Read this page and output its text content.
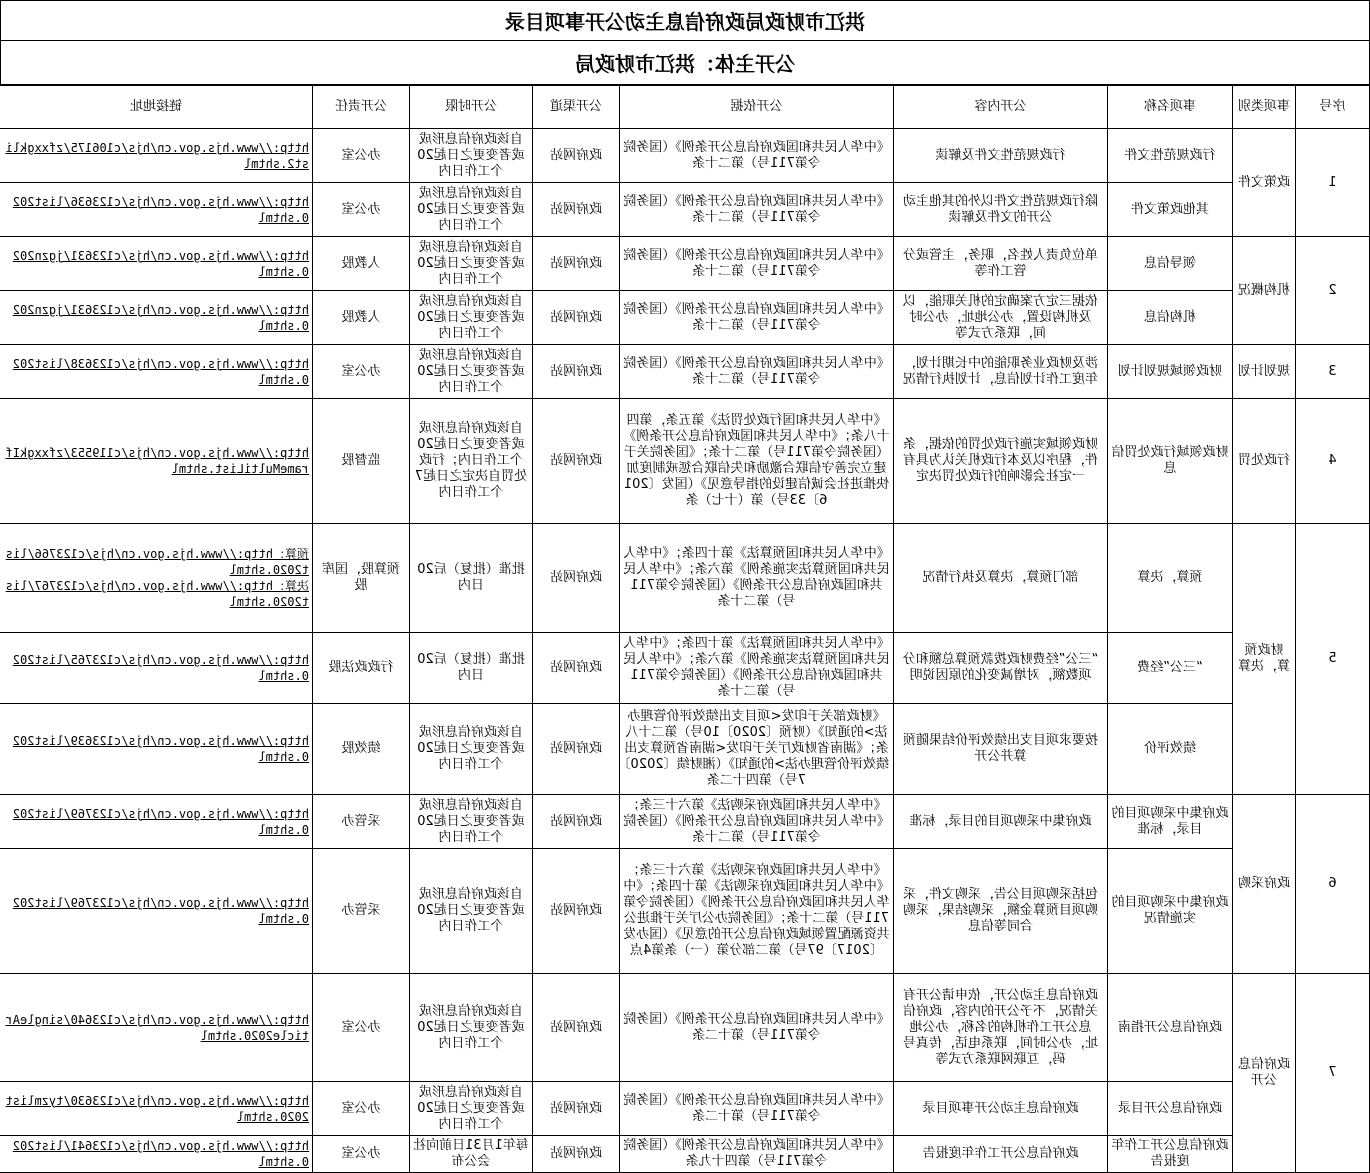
洪江市财政局政府信息主动公开事项目录
公开主体：洪江市财政局
序号	事项类别	事项名称	公开内容	公开依据	公开渠道	公开时限	公开责任	链接地址
1	政策文件	行政规范性文件	行政规范性文件及解读	《中华人民共和国政府信息公开条例》（国务院令第711号）第二十条	政府网站	自该政府信息形成或者变更之日起20个工作日内	办公室	http://www.hjs.gov.cn/hjs/c106175/zfxxgklist2.shtml
		其他政策文件	除行政规范性文件以外的其他主动公开的文件及解读	《中华人民共和国政府信息公开条例》（国务院令第711号）第二十条	政府网站	自该政府信息形成或者变更之日起20个工作日内	办公室	http://www.hjs.gov.cn/hjs/c123636/list2020.shtml
2	机构概况	领导信息	单位负责人姓名，职务，主管或分管工作等	《中华人民共和国政府信息公开条例》（国务院令第711号）第二十条	政府网站	自该政府信息形成或者变更之日起20个工作日内	人教股	http://www.hjs.gov.cn/hjs/c123631/jgzn2020.shtml
		机构信息	依据三定方案确定的机关职能，以及机构设置，办公地址，办公时间，联系方式等	《中华人民共和国政府信息公开条例》（国务院令第711号）第二十条	政府网站	自该政府信息形成或者变更之日起20个工作日内	人教股	http://www.hjs.gov.cn/hjs/c123631/jgzn2020.shtml
3	规划计划	财政领域规划计划	涉及财政业务职能的中长期计划，年度工作计划信息，计划执行情况	《中华人民共和国政府信息公开条例》（国务院令第711号）第二十条	政府网站	自该政府信息形成或者变更之日起20个工作日内	办公室	http://www.hjs.gov.cn/hjs/c123638/list2020.shtml
4	行政处罚	财政领域行政处罚信息	财政领域实施行政处罚的依据，条件，程序以及本行政机关认为具有一定社会影响的行政处罚决定	《中华人民共和国行政处罚法》第五条，第四十八条；《中华人民共和国政府信息公开条例》（国务院令第711号）第二十条；《国务院关于建立完善守信联合激励和失信联合惩戒制度加快推进社会诚信建设的指导意见》（国发〔2016〕33号）第（十七）条	政府网站	自该政府信息形成或者变更之日起20个工作日内；行政处罚自决定之日起7个工作日内	监督股	http://www.hjs.gov.cn/hjs/c119553/zfxxgkIframeMultiList.shtml
5	财政预算，决算	预算，决算	部门预算，决算及执行情况	《中华人民共和国预算法》第十四条；《中华人民共和国预算法实施条例》第六条；《中华人民共和国政府信息公开条例》（国务院令第711号）第二十条	政府网站	批准（批复）后20日内	预算股，国库股	预算：http://www.hjs.gov.cn/hjs/c123766/list2020.shtml
决算：http://www.hjs.gov.cn/hjs/c123767/list2020.shtml
		“三公”经费	“三公”经费财政拨款预算总额和分项数额，对增减变化的原因说明	《中华人民共和国预算法》第十四条；《中华人民共和国预算法实施条例》第六条；《中华人民共和国政府信息公开条例》（国务院令第711号）第二十条	政府网站	批准（批复）后20日内	行政政法股	http://www.hjs.gov.cn/hjs/c123765/list2020.shtml
		绩效评价	按要求项目支出绩效评价结果随预算并公开	《财政部关于印发<项目支出绩效评价管理办法>的通知》（财预〔2020〕10号）第二十八条；《湖南省财政厅关于印发<湖南省预算支出绩效评价管理办法>的通知》（湘财绩〔2020〕7号）第四十二条	政府网站	自该政府信息形成或者变更之日起20个工作日内	绩效股	http://www.hjs.gov.cn/hjs/c123639/list2020.shtml
6	政府采购	政府集中采购项目的目录，标准	政府集中采购项目的目录，标准	《中华人民共和国政府采购法》第六十三条；《中华人民共和国政府信息公开条例》（国务院令第711号）第二十条	政府网站	自该政府信息形成或者变更之日起20个工作日内	采管办	http://www.hjs.gov.cn/hjs/c123769/list2020.shtml
		政府集中采购项目的实施情况	包括采购项目公告，采购文件，采购项目预算金额，采购结果，采购合同等信息	《中华人民共和国政府采购法》第六十三条；《中华人民共和国政府采购法》第十四条；《中华人民共和国政府信息公开条例》（国务院令第711号）第二十条；《国务院办公厅关于推进公共资源配置领域政府信息公开的意见》（国办发〔2017〕97号）第二部分第（一）条第4点	政府网站	自该政府信息形成或者变更之日起20个工作日内	采管办	http://www.hjs.gov.cn/hjs/c123769/list2020.shtml
7	政府信息公开	政府信息公开指南	政府信息主动公开，依申请公开有关情况，不予公开的内容，政府信息公开工作机构的名称，办公地址，办公时间，联系电话，传真号码，互联网联系方式等	《中华人民共和国政府信息公开条例》（国务院令第711号）第十二条	政府网站	自该政府信息形成或者变更之日起20个工作日内	办公室	http://www.hjs.gov.cn/hjs/c123640/singleArticle2020.shtml
		政府信息公开目录	政府信息主动公开事项目录	《中华人民共和国政府信息公开条例》（国务院令第711号）第十二条	政府网站	自该政府信息形成或者变更之日起20个工作日内	办公室	http://www.hjs.gov.cn/hjs/c123630/tyzmlist2020.shtml
		政府信息公开工作年度报告	政府信息公开工作年度报告	《中华人民共和国政府信息公开条例》（国务院令第711号）第四十九条	政府网站	每年1月31日前向社会公布	办公室	http://www.hjs.gov.cn/hjs/c123641/list2020.shtml
